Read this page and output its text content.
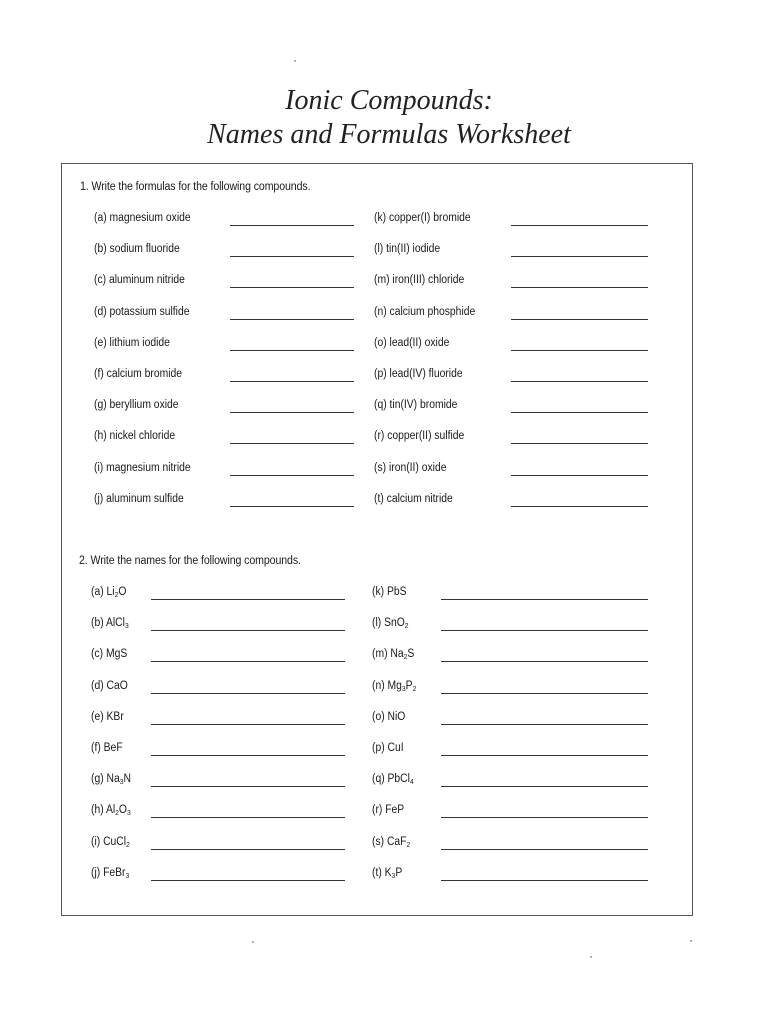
Ionic Compounds:
Names and Formulas Worksheet
1. Write the formulas for the following compounds.
2. Write the names for the following compounds.
(a) magnesium oxide
(b) sodium fluoride
(c) aluminum nitride
(d) potassium sulfide
(e) lithium iodide
(f) calcium bromide
(g) beryllium oxide
(h) nickel chloride
(i) magnesium nitride
(j) aluminum sulfide
(k) copper(I) bromide
(l) tin(II) iodide
(m) iron(III) chloride
(n) calcium phosphide
(o) lead(II) oxide
(p) lead(IV) fluoride
(q) tin(IV) bromide
(r) copper(II) sulfide
(s) iron(II) oxide
(t) calcium nitride
(a) $Li_2O$
(b) AlCl$_3$
(c) MgS
(d) CaO
(e) KBr
(f) BeF
(g) $Na_3N$
(h) $Al_2O_3$
(i) CuCl$_2$
(j) FeBr$_3$
(k) PbS
(l) SnO$_2$
(m) $Na_2S$
(n) $Mg_3P_2$
(o) NiO
(p) CuI
(q) PbCl$_4$
(r) FeP
(s) CaF$_2$
(t) $K_3P$
